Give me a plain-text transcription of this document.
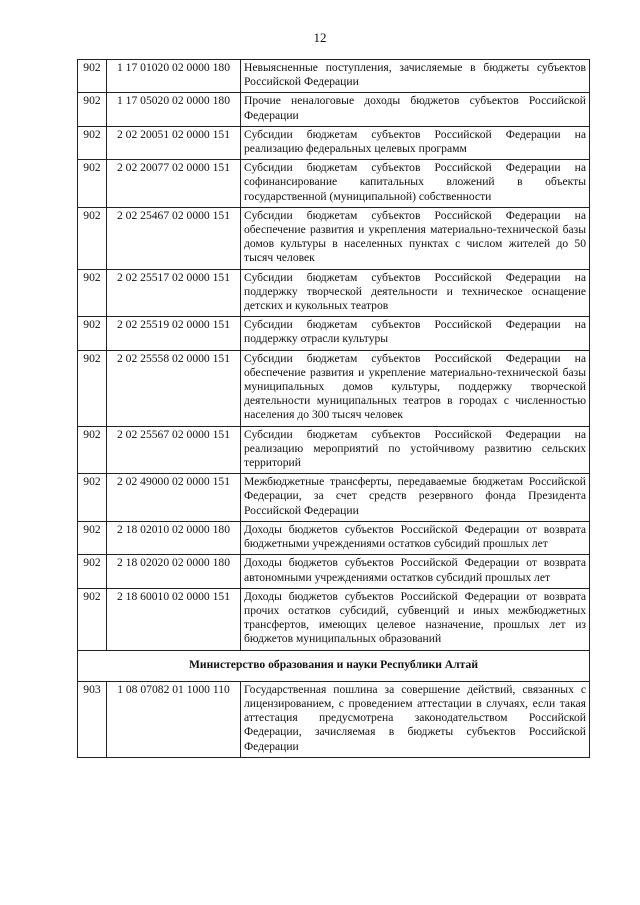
12
902	1 17 01020 02 0000 180	Невыясненные поступления, зачисляемые в бюджеты субъектов Российской Федерации
902	1 17 05020 02 0000 180	Прочие неналоговые доходы бюджетов субъектов Российской Федерации
902	2 02 20051 02 0000 151	Субсидии бюджетам субъектов Российской Федерации на реализацию федеральных целевых программ
902	2 02 20077 02 0000 151	Субсидии бюджетам субъектов Российской Федерации на софинансирование капитальных вложений в объекты государственной (муниципальной) собственности
902	2 02 25467 02 0000 151	Субсидии бюджетам субъектов Российской Федерации на обеспечение развития и укрепления материально-технической базы домов культуры в населенных пунктах с числом жителей до 50 тысяч человек
902	2 02 25517 02 0000 151	Субсидии бюджетам субъектов Российской Федерации на поддержку творческой деятельности и техническое оснащение детских и кукольных театров
902	2 02 25519 02 0000 151	Субсидии бюджетам субъектов Российской Федерации на поддержку отрасли культуры
902	2 02 25558 02 0000 151	Субсидии бюджетам субъектов Российской Федерации на обеспечение развития и укрепление материально-технической базы муниципальных домов культуры, поддержку творческой деятельности муниципальных театров в городах с численностью населения до 300 тысяч человек
902	2 02 25567 02 0000 151	Субсидии бюджетам субъектов Российской Федерации на реализацию мероприятий по устойчивому развитию сельских территорий
902	2 02 49000 02 0000 151	Межбюджетные трансферты, передаваемые бюджетам Российской Федерации, за счет средств резервного фонда Президента Российской Федерации
902	2 18 02010 02 0000 180	Доходы бюджетов субъектов Российской Федерации от возврата бюджетными учреждениями остатков субсидий прошлых лет
902	2 18 02020 02 0000 180	Доходы бюджетов субъектов Российской Федерации от возврата автономными учреждениями остатков субсидий прошлых лет
902	2 18 60010 02 0000 151	Доходы бюджетов субъектов Российской Федерации от возврата прочих остатков субсидий, субвенций и иных межбюджетных трансфертов, имеющих целевое назначение, прошлых лет из бюджетов муниципальных образований
Министерство образования и науки Республики Алтай		
903	1 08 07082 01 1000 110	Государственная пошлина за совершение действий, связанных с лицензированием, с проведением аттестации в случаях, если такая аттестация предусмотрена законодательством Российской Федерации, зачисляемая в бюджеты субъектов Российской Федерации
